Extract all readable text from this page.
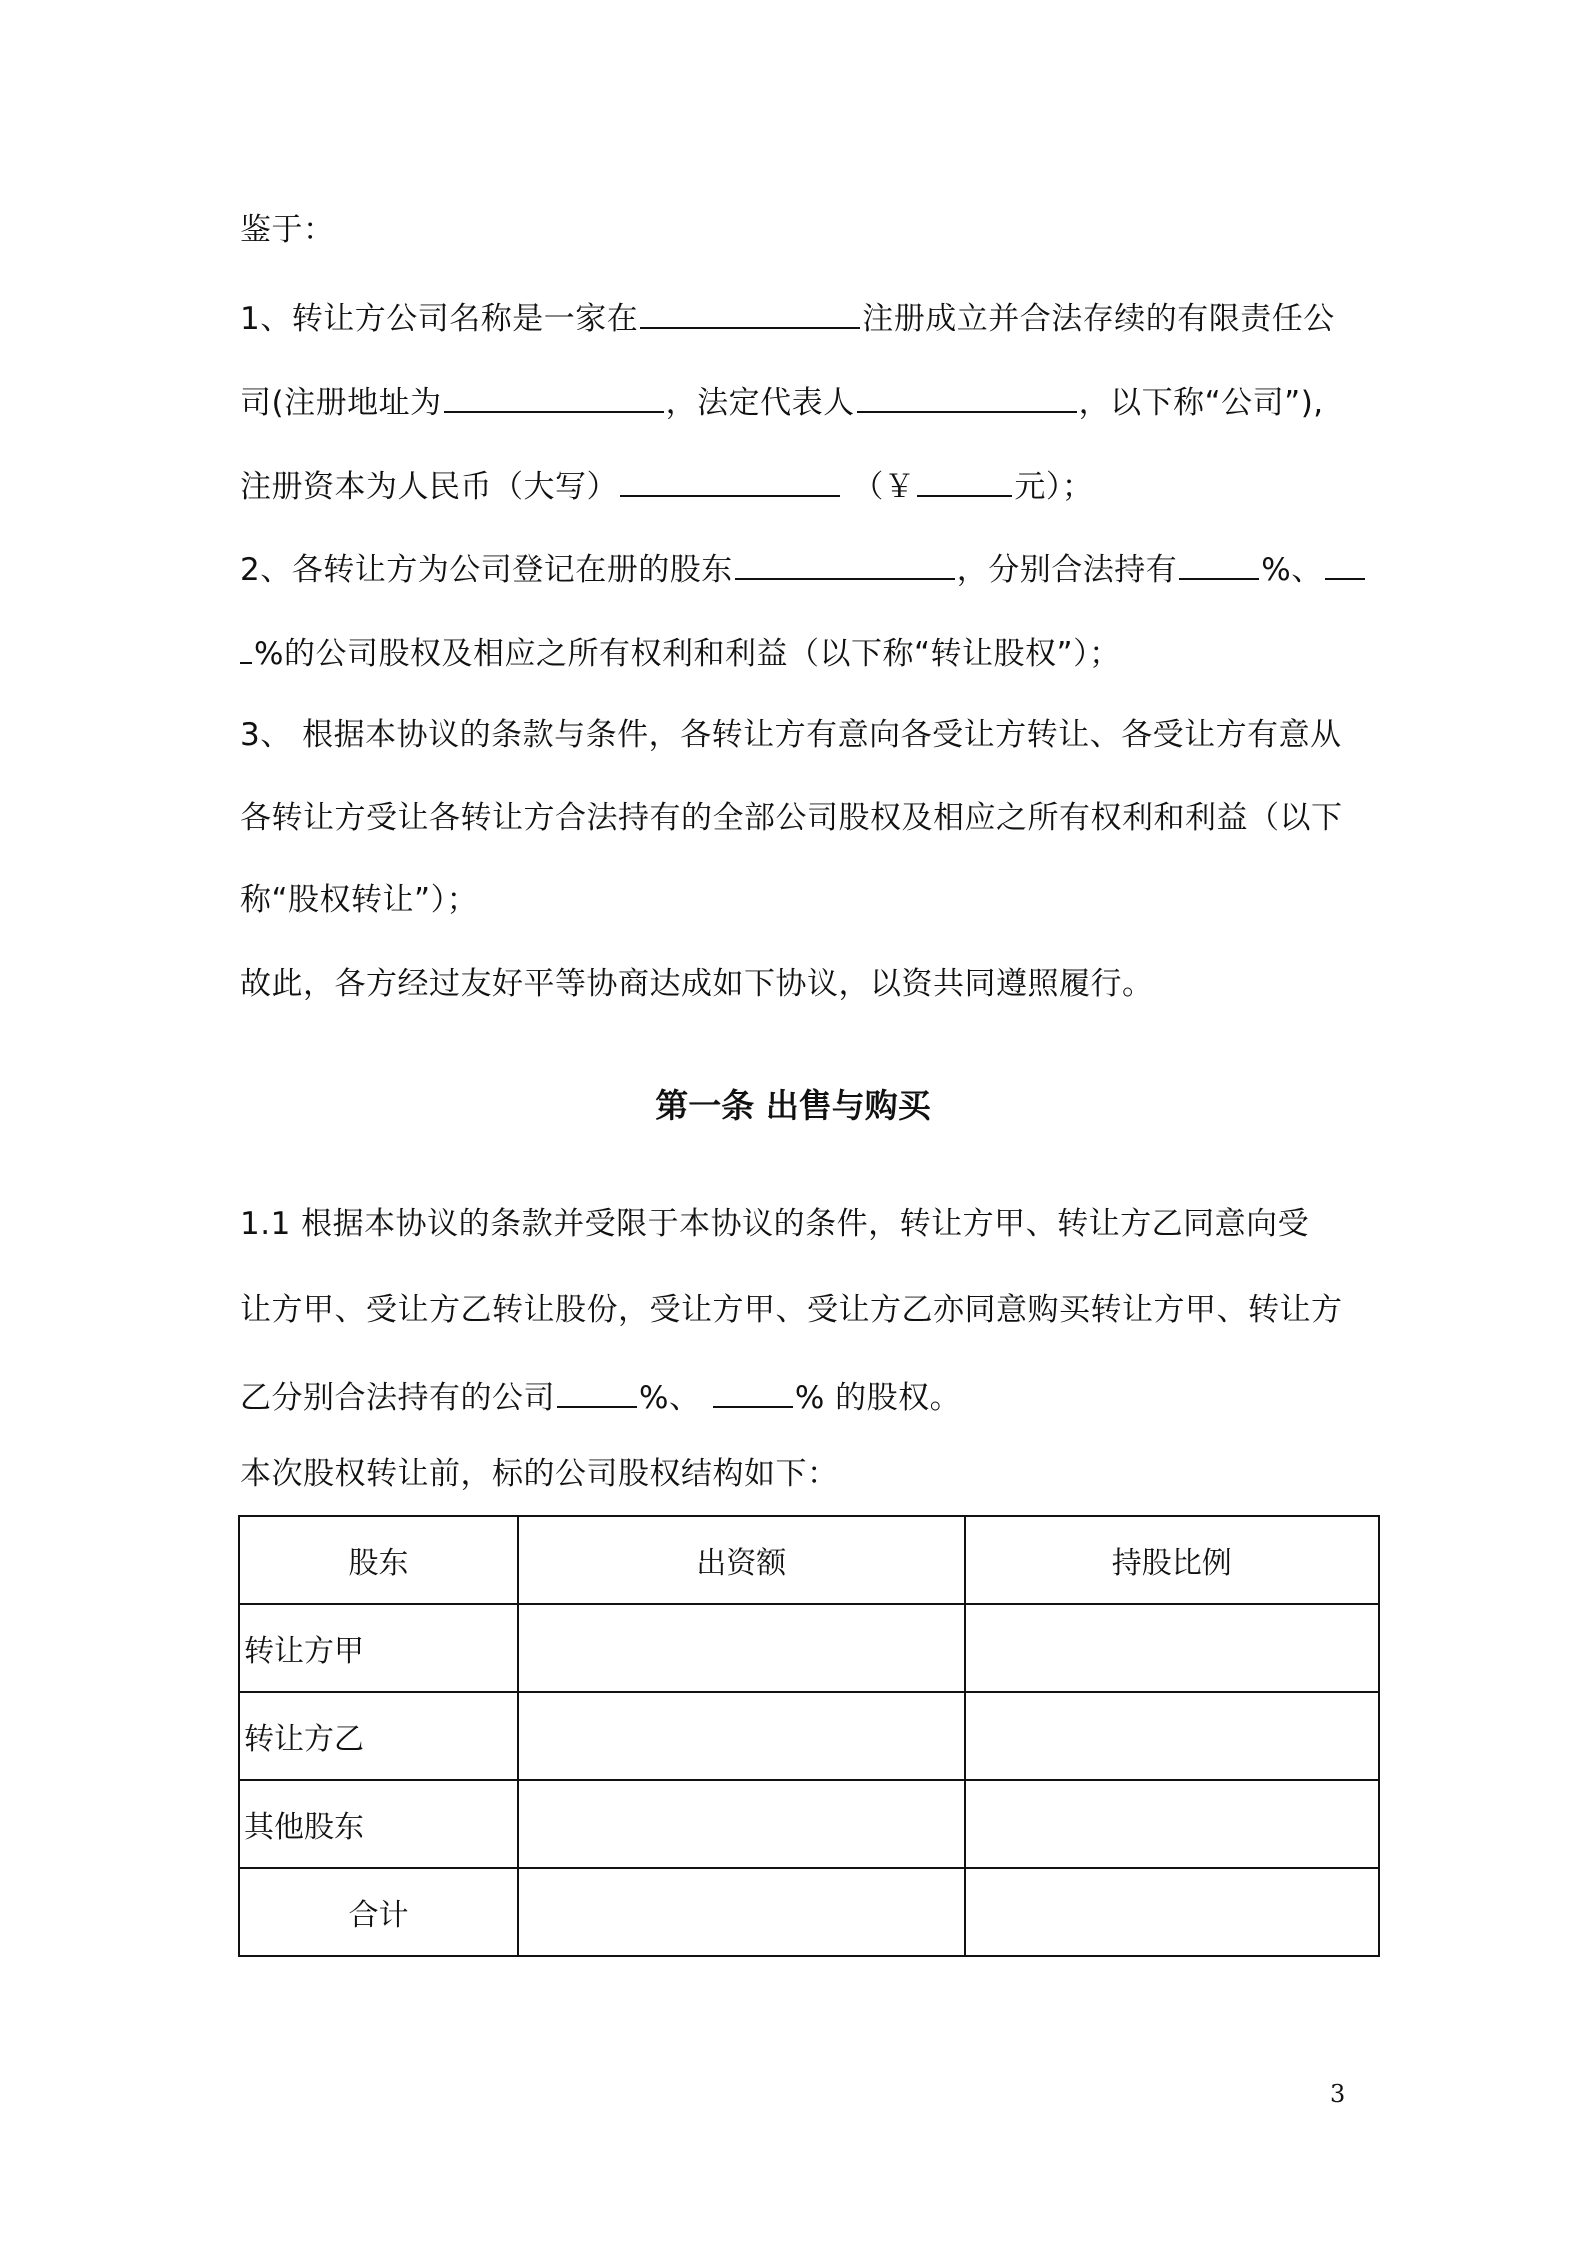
鉴于：
1、转让方公司名称是一家在	注册成立并合法存续的有限责任公
司(注册地址为	，法定代表人	，以下称“公司”),
注册资本为人民币（大写）	（￥	元）；
2、各转让方为公司登记在册的股东	，分别合法持有	%、
%的公司股权及相应之所有权利和利益（以下称“转让股权”）；
3、 根据本协议的条款与条件，各转让方有意向各受让方转让、各受让方有意从
各转让方受让各转让方合法持有的全部公司股权及相应之所有权利和利益（以下
称“股权转让”）；
故此，各方经过友好平等协商达成如下协议，以资共同遵照履行。
第一条 出售与购买
1.1 根据本协议的条款并受限于本协议的条件，转让方甲、转让方乙同意向受
让方甲、受让方乙转让股份，受让方甲、受让方乙亦同意购买转让方甲、转让方
乙分别合法持有的公司	%、	% 的股权。
本次股权转让前，标的公司股权结构如下：
股东	出资额	持股比例
转让方甲		
转让方乙		
其他股东		
合计		
3
